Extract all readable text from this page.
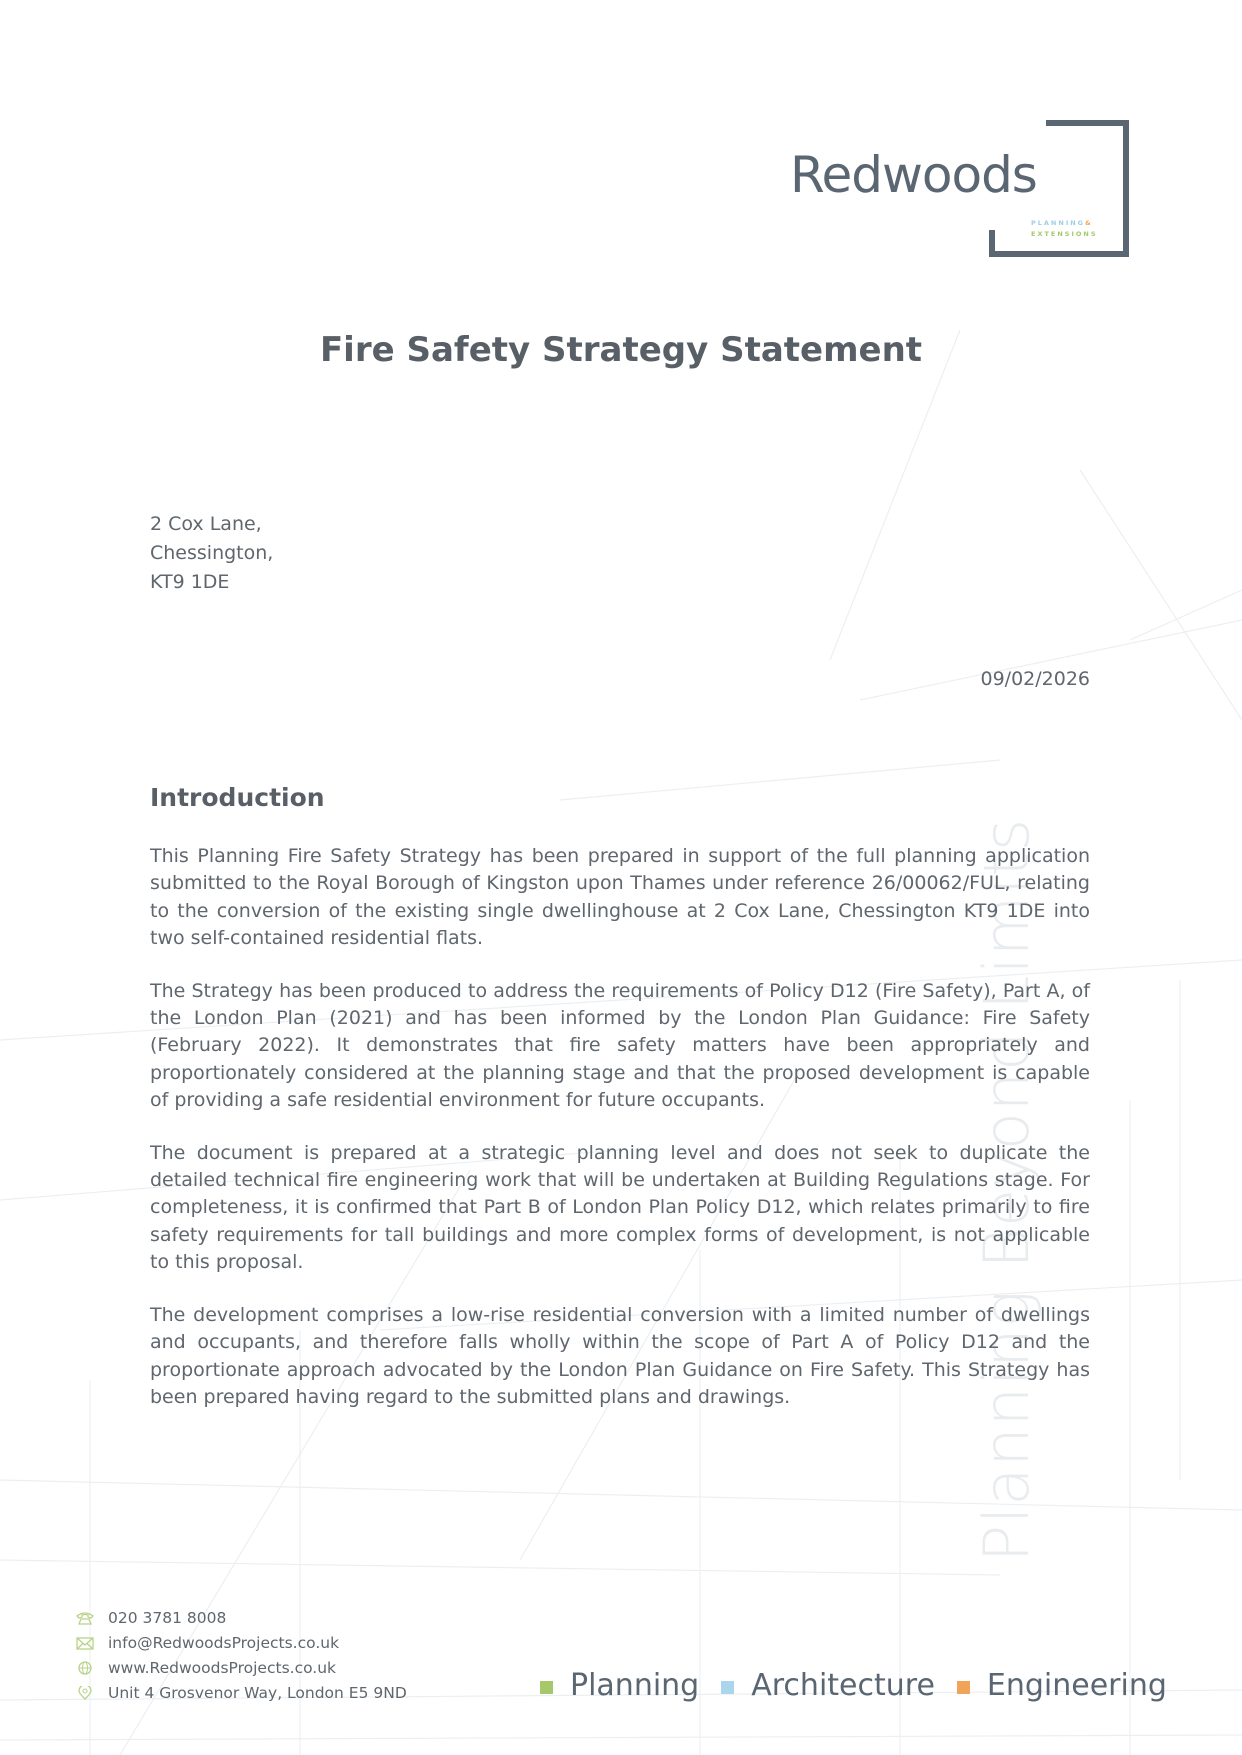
Planning Beyond Limits
Redwoods
PLANNING&
EXTENSIONS
Fire Safety Strategy Statement
2 Cox Lane,
Chessington,
KT9 1DE
09/02/2026
Introduction

This Planning Fire Safety Strategy has been prepared in support of the full planning application submitted to the Royal Borough of Kingston upon Thames under reference 26/00062/FUL, relating to the conversion of the existing single dwellinghouse at 2 Cox Lane, Chessington KT9 1DE into two self-contained residential flats.

The Strategy has been produced to address the requirements of Policy D12 (Fire Safety), Part A, of the London Plan (2021) and has been informed by the London Plan Guidance: Fire Safety (February 2022). It demonstrates that fire safety matters have been appropriately and proportionately considered at the planning stage and that the proposed development is capable of providing a safe residential environment for future occupants.

The document is prepared at a strategic planning level and does not seek to duplicate the detailed technical fire engineering work that will be undertaken at Building Regulations stage. For completeness, it is confirmed that Part B of London Plan Policy D12, which relates primarily to fire safety requirements for tall buildings and more complex forms of development, is not applicable to this proposal.

The development comprises a low-rise residential conversion with a limited number of dwellings and occupants, and therefore falls wholly within the scope of Part A of Policy D12 and the proportionate approach advocated by the London Plan Guidance on Fire Safety. This Strategy has been prepared having regard to the submitted plans and drawings.

020 3781 8008
info@RedwoodsProjects.co.uk
www.RedwoodsProjects.co.uk
Unit 4 Grosvenor Way, London E5 9ND	Planning Architecture Engineering
